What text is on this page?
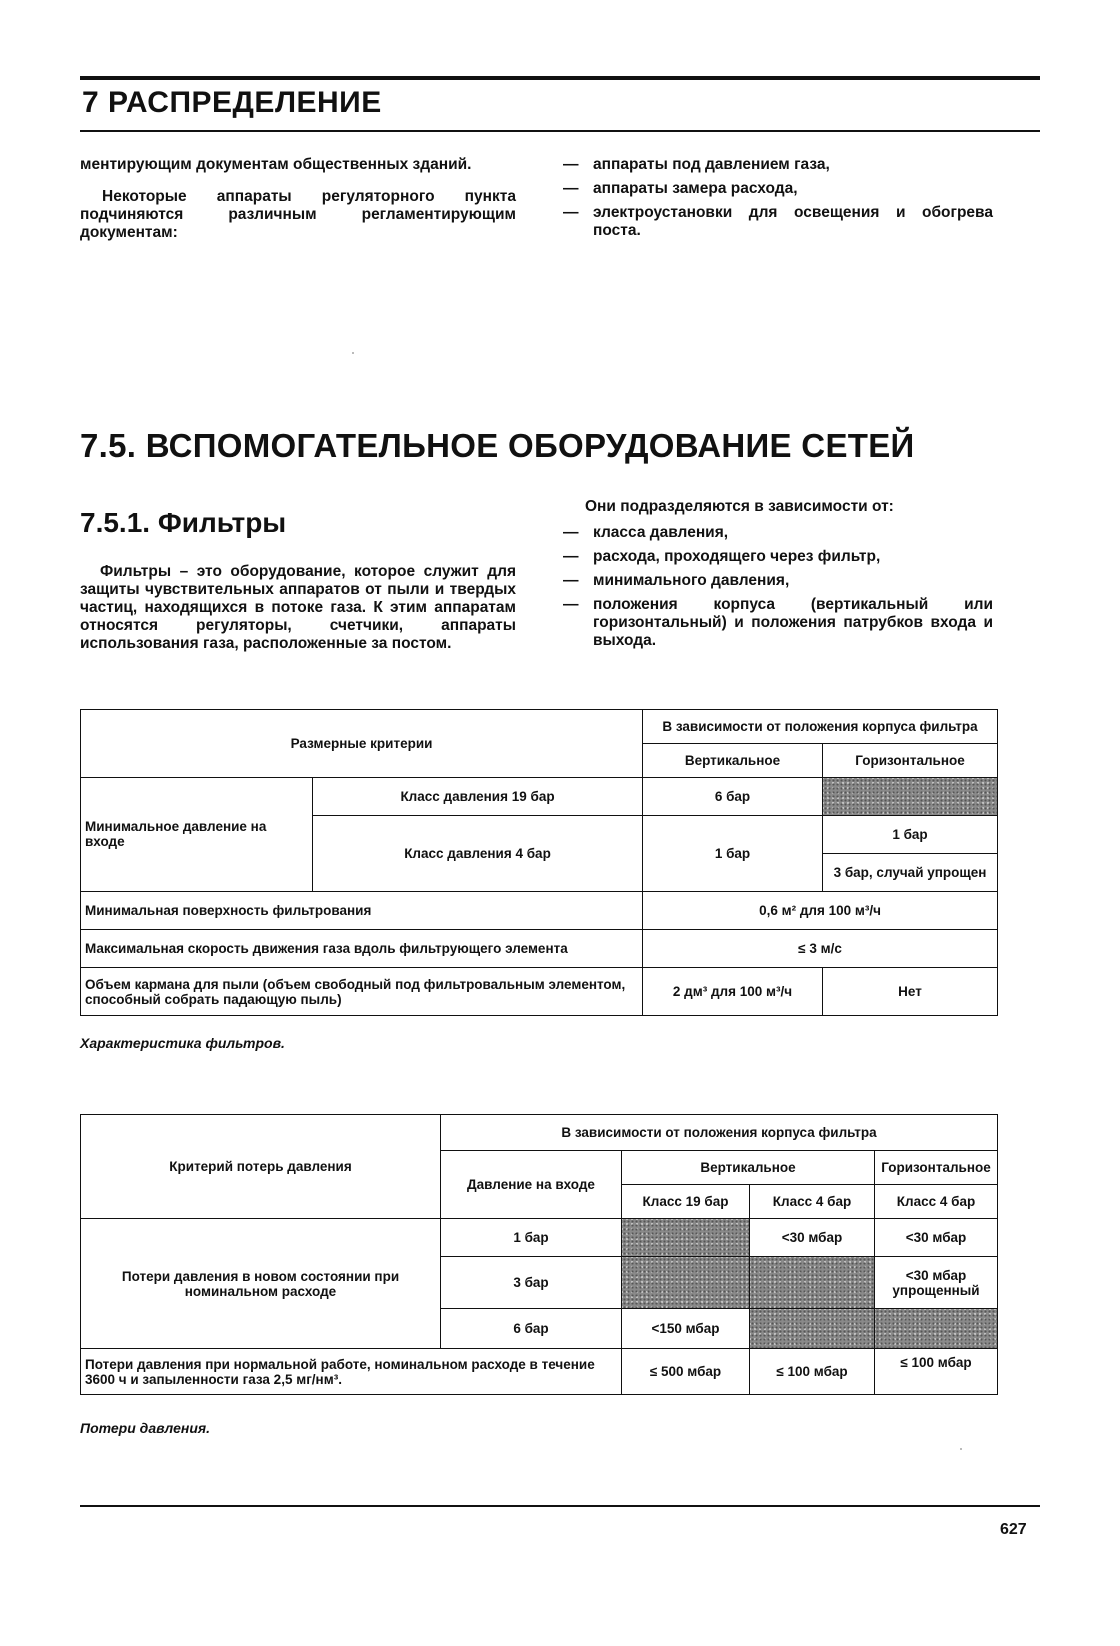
7 РАСПРЕДЕЛЕНИЕ

ментирующим документам общественных зданий.

Некоторые аппараты регуляторного пункта подчиняются различным регламентирующим документам:

— аппараты под давлением газа,
— аппараты замера расхода,
— электроустановки для освещения и обогрева поста.
7.5. ВСПОМОГАТЕЛЬНОЕ ОБОРУДОВАНИЕ СЕТЕЙ
7.5.1. Фильтры

Фильтры – это оборудование, которое служит для защиты чувствительных аппаратов от пыли и твердых частиц, находящихся в потоке газа. К этим аппаратам относятся регуляторы, счетчики, аппараты использования газа, расположенные за постом.

Они подразделяются в зависимости от:

— класса давления,
— расхода, проходящего через фильтр,
— минимального давления,
— положения корпуса (вертикальный или горизонтальный) и положения патрубков входа и выхода.
Размерные критерии		В зависимости от положения корпуса фильтра	
		Вертикальное	Горизонтальное
Минимальное давление на входе	Класс давления 19 бар	6 бар	
	Класс давления 4 бар	1 бар	1 бар
			3 бар, случай упрощен
Минимальная поверхность фильтрования		0,6 м² для 100 м³/ч	
Максимальная скорость движения газа вдоль фильтрующего элемента		≤ 3 м/с	
Объем кармана для пыли (объем свободный под фильтровальным элементом, способный собрать падающую пыль)		2 дм³ для 100 м³/ч	Нет
Характеристика фильтров.
Критерий потерь давления	В зависимости от положения корпуса фильтра			
	Давление на входе	Вертикальное		Горизонтальное
		Класс 19 бар	Класс 4 бар	Класс 4 бар
Потери давления в новом состоянии при номинальном расходе	1 бар		<30 мбар	<30 мбар
	3 бар			<30 мбар упрощенный
	6 бар	<150 мбар		
Потери давления при нормальной работе, номинальном расходе в течение 3600 ч и запыленности газа 2,5 мг/нм³.		≤ 500 мбар	≤ 100 мбар	≤ 100 мбар
Потери давления.
627
